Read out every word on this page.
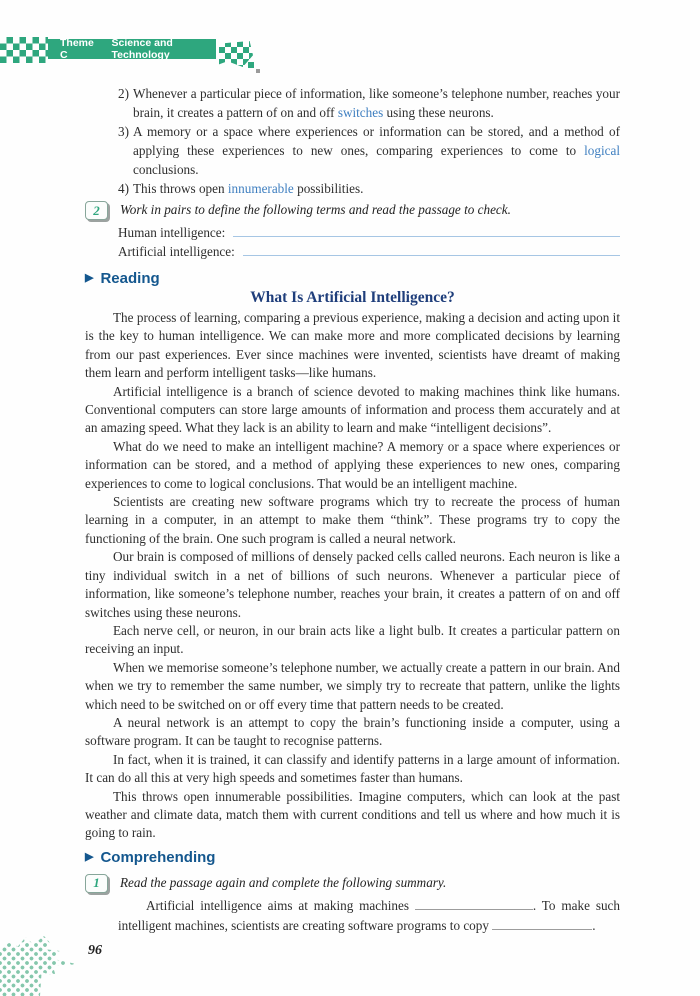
Theme C
Science and Technology
2) Whenever a particular piece of information, like someone’s telephone number, reaches your brain, it creates a pattern of on and off switches using these neurons.
3) A memory or a space where experiences or information can be stored, and a method of applying these experiences to new ones, comparing experiences to come to logical conclusions.
4) This throws open innumerable possibilities.
2	Work in pairs to define the following terms and read the passage to check.
Human intelligence:
Artificial intelligence:
▶ Reading
What Is Artificial Intelligence?

The process of learning, comparing a previous experience, making a decision and acting upon it is the key to human intelligence. We can make more and more complicated decisions by learning from our past experiences. Ever since machines were invented, scientists have dreamt of making them learn and perform intelligent tasks—like humans.

Artificial intelligence is a branch of science devoted to making machines think like humans. Conventional computers can store large amounts of information and process them accurately and at an amazing speed. What they lack is an ability to learn and make “intelligent decisions”.

What do we need to make an intelligent machine? A memory or a space where experiences or information can be stored, and a method of applying these experiences to new ones, comparing experiences to come to logical conclusions. That would be an intelligent machine.

Scientists are creating new software programs which try to recreate the process of human learning in a computer, in an attempt to make them “think”. These programs try to copy the functioning of the brain. One such program is called a neural network.

Our brain is composed of millions of densely packed cells called neurons. Each neuron is like a tiny individual switch in a net of billions of such neurons. Whenever a particular piece of information, like someone’s telephone number, reaches your brain, it creates a pattern of on and off switches using these neurons.

Each nerve cell, or neuron, in our brain acts like a light bulb. It creates a particular pattern on receiving an input.

When we memorise someone’s telephone number, we actually create a pattern in our brain. And when we try to remember the same number, we simply try to recreate that pattern, unlike the lights which need to be switched on or off every time that pattern needs to be created.

A neural network is an attempt to copy the brain’s functioning inside a computer, using a software program. It can be taught to recognise patterns.

In fact, when it is trained, it can classify and identify patterns in a large amount of information. It can do all this at very high speeds and sometimes faster than humans.

This throws open innumerable possibilities. Imagine computers, which can look at the past weather and climate data, match them with current conditions and tell us where and how much it is going to rain.

▶ Comprehending
1	Read the passage again and complete the following summary.
Artificial intelligence aims at making machines	. To make such intelligent machines, scientists are creating software programs to copy	.
96
